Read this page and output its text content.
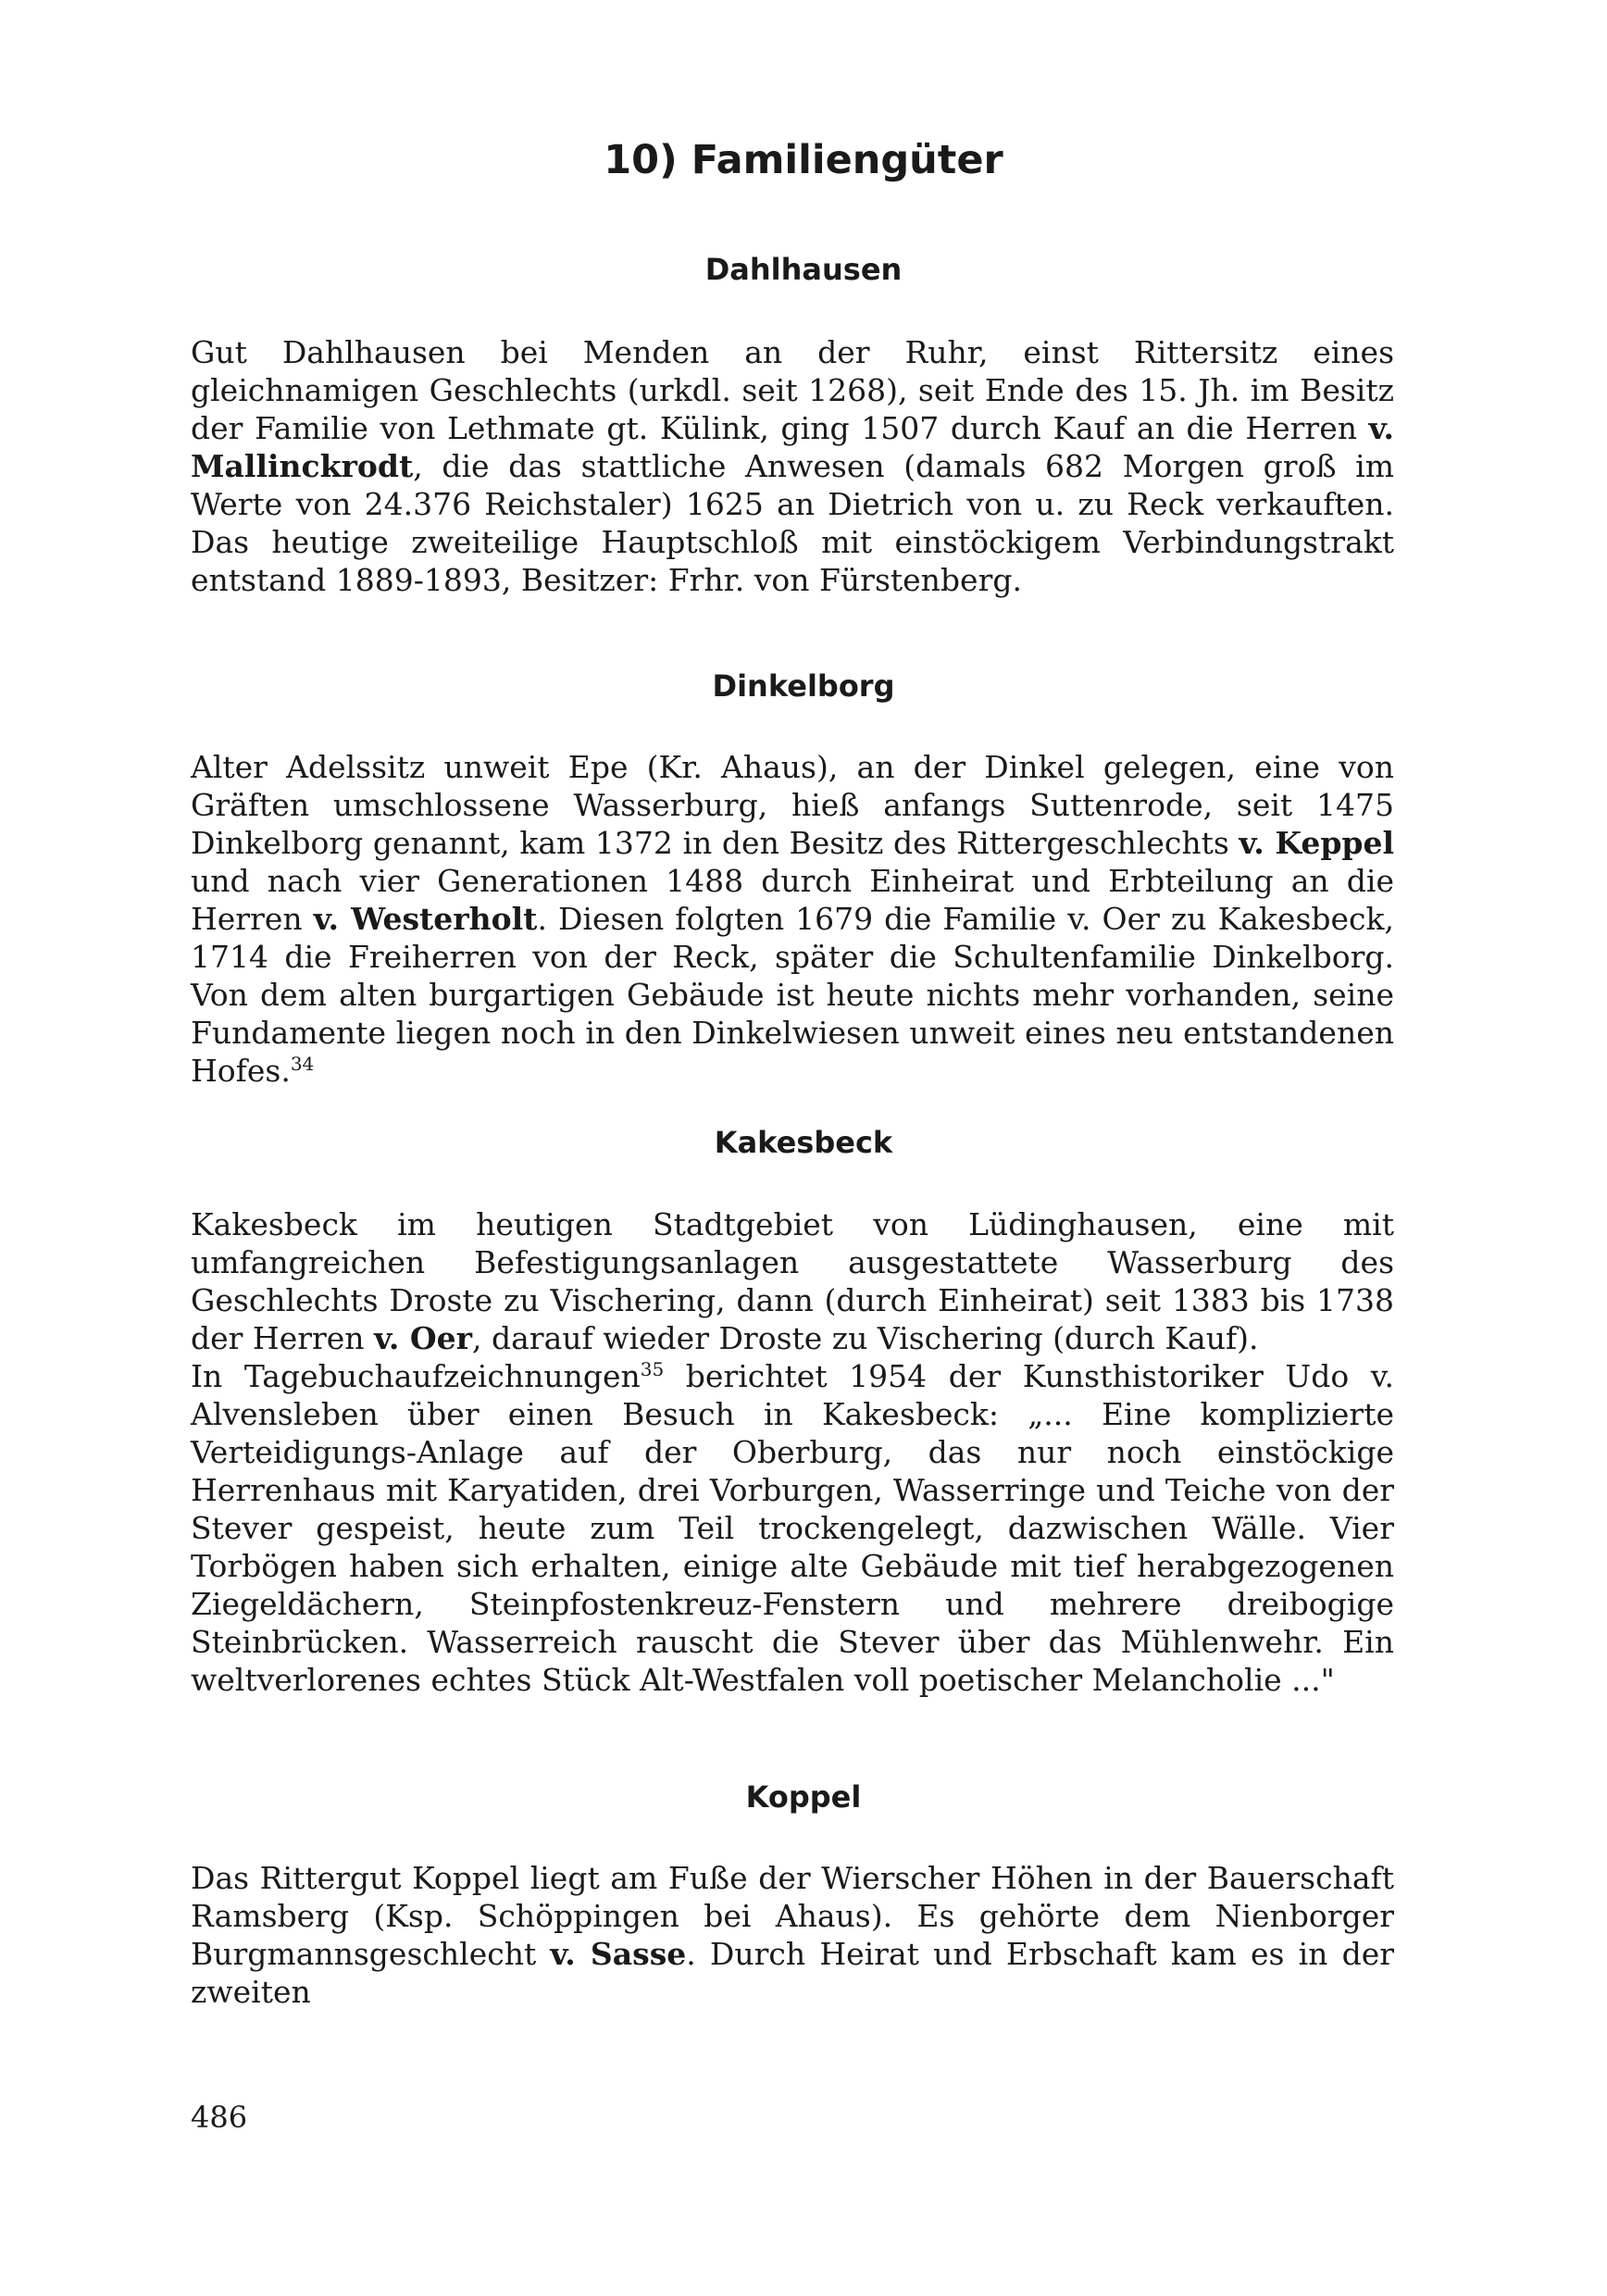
10) Familiengüter
Dahlhausen

Gut Dahlhausen bei Menden an der Ruhr, einst Rittersitz eines gleichnamigen Geschlechts (urkdl. seit 1268), seit Ende des 15. Jh. im Besitz der Familie von Lethmate gt. Külink, ging 1507 durch Kauf an die Herren v. Mallinckrodt, die das stattliche Anwesen (damals 682 Morgen groß im Werte von 24.376 Reichstaler) 1625 an Dietrich von u. zu Reck verkauften. Das heutige zweiteilige Hauptschloß mit einstöckigem Verbindungstrakt entstand 1889-1893, Besitzer: Frhr. von Fürstenberg.

Dinkelborg

Alter Adelssitz unweit Epe (Kr. Ahaus), an der Dinkel gelegen, eine von Gräften umschlossene Wasserburg, hieß anfangs Suttenrode, seit 1475 Dinkelborg genannt, kam 1372 in den Besitz des Rittergeschlechts v. Keppel und nach vier Generationen 1488 durch Einheirat und Erbteilung an die Herren v. Westerholt. Diesen folgten 1679 die Familie v. Oer zu Kakesbeck, 1714 die Freiherren von der Reck, später die Schultenfamilie Dinkelborg. Von dem alten burgartigen Gebäude ist heute nichts mehr vorhanden, seine Fundamente liegen noch in den Dinkelwiesen unweit eines neu entstandenen Hofes.$^{34}$

Kakesbeck

Kakesbeck im heutigen Stadtgebiet von Lüdinghausen, eine mit umfangreichen Befestigungsanlagen ausgestattete Wasserburg des Geschlechts Droste zu Vischering, dann (durch Einheirat) seit 1383 bis 1738 der Herren v. Oer, darauf wieder Droste zu Vischering (durch Kauf).

In Tagebuchaufzeichnungen$^{35}$ berichtet 1954 der Kunsthistoriker Udo v. Alvensleben über einen Besuch in Kakesbeck: „... Eine komplizierte Verteidigungs-Anlage auf der Oberburg, das nur noch einstöckige Herrenhaus mit Karyatiden, drei Vorburgen, Wasserringe und Teiche von der Stever gespeist, heute zum Teil trockengelegt, dazwischen Wälle. Vier Torbögen haben sich erhalten, einige alte Gebäude mit tief herabgezogenen Ziegeldächern, Steinpfostenkreuz-Fenstern und mehrere dreibogige Steinbrücken. Wasserreich rauscht die Stever über das Mühlenwehr. Ein weltverlorenes echtes Stück Alt-Westfalen voll poetischer Melancholie ..."

Koppel

Das Rittergut Koppel liegt am Fuße der Wierscher Höhen in der Bauerschaft Ramsberg (Ksp. Schöppingen bei Ahaus). Es gehörte dem Nienborger Burgmannsgeschlecht v. Sasse. Durch Heirat und Erbschaft kam es in der zweiten

486
